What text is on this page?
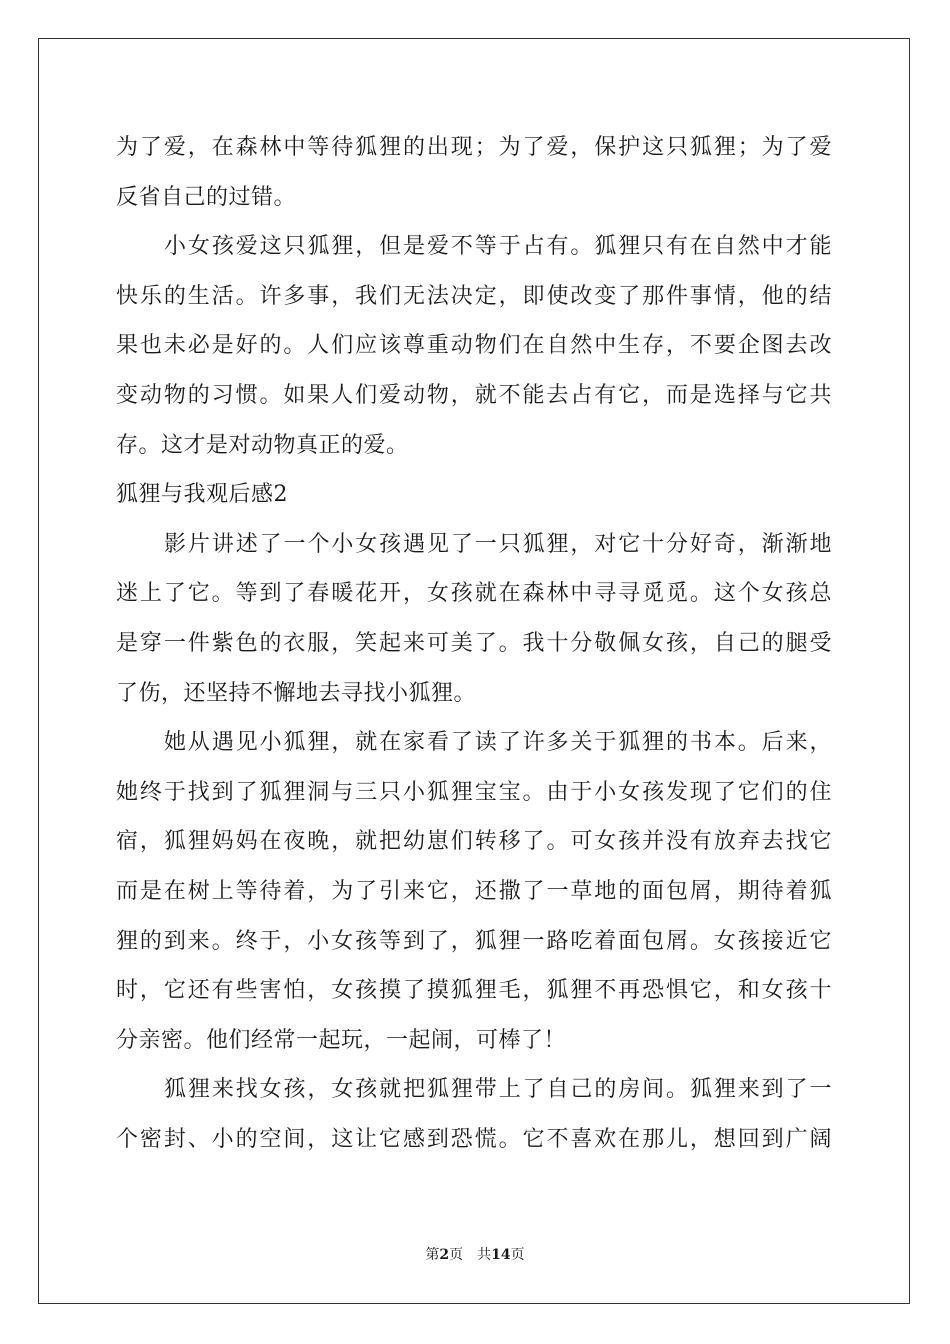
为了爱，在森林中等待狐狸的出现；为了爱，保护这只狐狸；为了爱
反省自己的过错。
小女孩爱这只狐狸，但是爱不等于占有。狐狸只有在自然中才能
快乐的生活。许多事，我们无法决定，即使改变了那件事情，他的结
果也未必是好的。人们应该尊重动物们在自然中生存，不要企图去改
变动物的习惯。如果人们爱动物，就不能去占有它，而是选择与它共
存。这才是对动物真正的爱。
狐狸与我观后感2
影片讲述了一个小女孩遇见了一只狐狸，对它十分好奇，渐渐地
迷上了它。等到了春暖花开，女孩就在森林中寻寻觅觅。这个女孩总
是穿一件紫色的衣服，笑起来可美了。我十分敬佩女孩，自己的腿受
了伤，还坚持不懈地去寻找小狐狸。
她从遇见小狐狸，就在家看了读了许多关于狐狸的书本。后来，
她终于找到了狐狸洞与三只小狐狸宝宝。由于小女孩发现了它们的住
宿，狐狸妈妈在夜晚，就把幼崽们转移了。可女孩并没有放弃去找它
而是在树上等待着，为了引来它，还撒了一草地的面包屑，期待着狐
狸的到来。终于，小女孩等到了，狐狸一路吃着面包屑。女孩接近它
时，它还有些害怕，女孩摸了摸狐狸毛，狐狸不再恐惧它，和女孩十
分亲密。他们经常一起玩，一起闹，可棒了！
狐狸来找女孩，女孩就把狐狸带上了自己的房间。狐狸来到了一
个密封、小的空间，这让它感到恐慌。它不喜欢在那儿，想回到广阔
第2页 共14页
